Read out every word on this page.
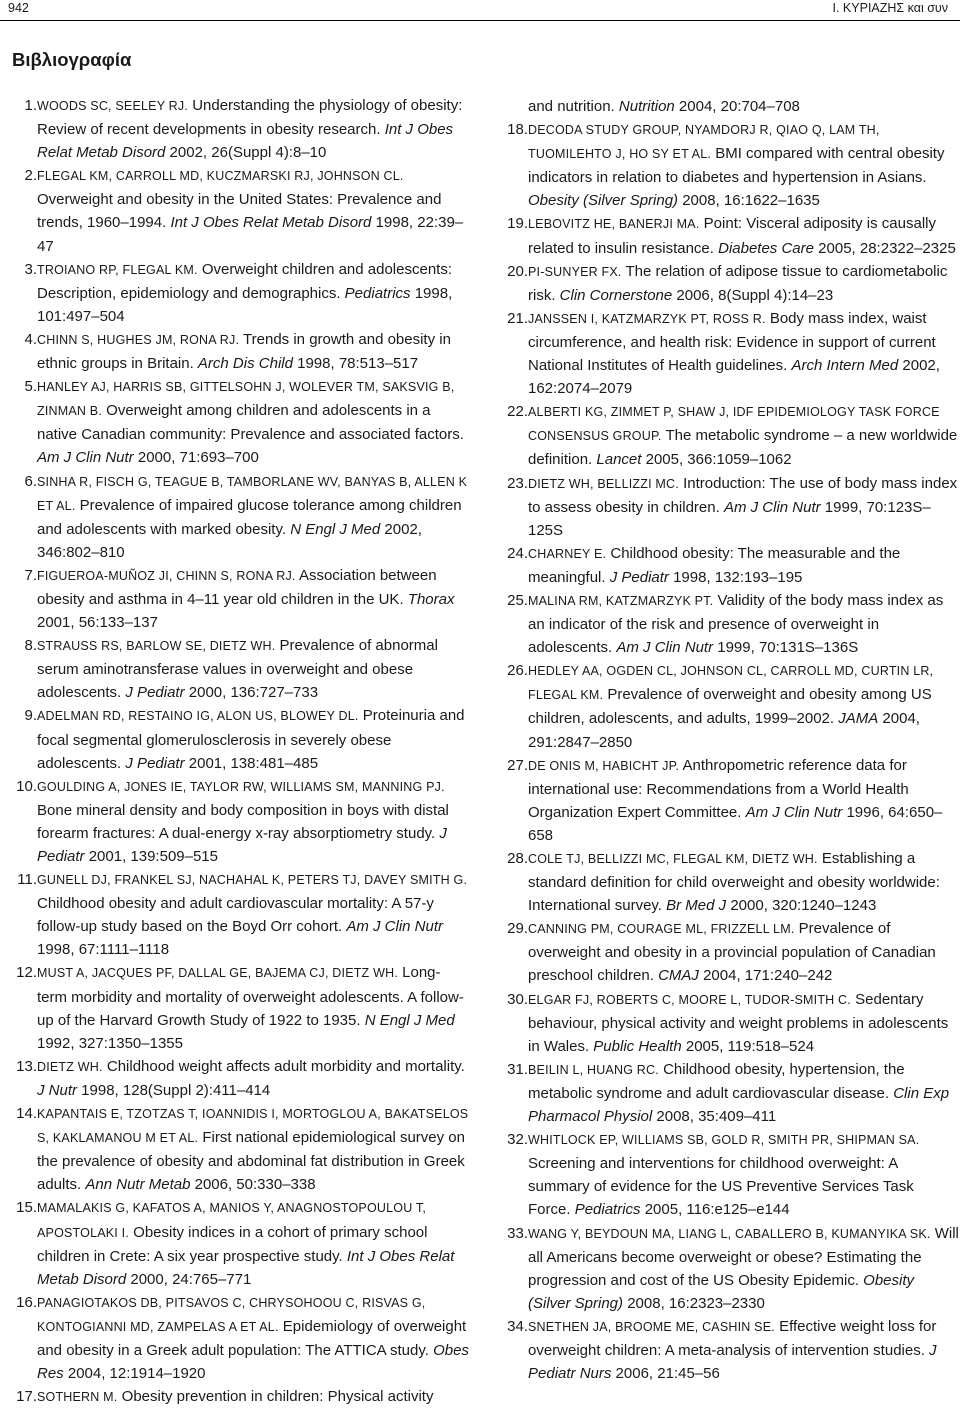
942	Ι. ΚΥΡΙΑΖΗΣ και συν
Βιβλιογραφία
1. WOODS SC, SEELEY RJ. Understanding the physiology of obesity: Review of recent developments in obesity research. Int J Obes Relat Metab Disord 2002, 26(Suppl 4):8–10
2. FLEGAL KM, CARROLL MD, KUCZMARSKI RJ, JOHNSON CL. Overweight and obesity in the United States: Prevalence and trends, 1960–1994. Int J Obes Relat Metab Disord 1998, 22:39–47
3. TROIANO RP, FLEGAL KM. Overweight children and adolescents: Description, epidemiology and demographics. Pediatrics 1998, 101:497–504
4. CHINN S, HUGHES JM, RONA RJ. Trends in growth and obesity in ethnic groups in Britain. Arch Dis Child 1998, 78:513–517
5. HANLEY AJ, HARRIS SB, GITTELSOHN J, WOLEVER TM, SAKSVIG B, ZINMAN B. Overweight among children and adolescents in a native Canadian community: Prevalence and associated factors. Am J Clin Nutr 2000, 71:693–700
6. SINHA R, FISCH G, TEAGUE B, TAMBORLANE WV, BANYAS B, ALLEN K ET AL. Prevalence of impaired glucose tolerance among children and adolescents with marked obesity. N Engl J Med 2002, 346:802–810
7. FIGUEROA-MUÑOZ JI, CHINN S, RONA RJ. Association between obesity and asthma in 4–11 year old children in the UK. Thorax 2001, 56:133–137
8. STRAUSS RS, BARLOW SE, DIETZ WH. Prevalence of abnormal serum aminotransferase values in overweight and obese adolescents. J Pediatr 2000, 136:727–733
9. ADELMAN RD, RESTAINO IG, ALON US, BLOWEY DL. Proteinuria and focal segmental glomerulosclerosis in severely obese adolescents. J Pediatr 2001, 138:481–485
10. GOULDING A, JONES IE, TAYLOR RW, WILLIAMS SM, MANNING PJ. Bone mineral density and body composition in boys with distal forearm fractures: A dual-energy x-ray absorptiometry study. J Pediatr 2001, 139:509–515
11. GUNELL DJ, FRANKEL SJ, NACHAHAL K, PETERS TJ, DAVEY SMITH G. Childhood obesity and adult cardiovascular mortality: A 57-y follow-up study based on the Boyd Orr cohort. Am J Clin Nutr 1998, 67:1111–1118
12. MUST A, JACQUES PF, DALLAL GE, BAJEMA CJ, DIETZ WH. Long-term morbidity and mortality of overweight adolescents. A follow-up of the Harvard Growth Study of 1922 to 1935. N Engl J Med 1992, 327:1350–1355
13. DIETZ WH. Childhood weight affects adult morbidity and mortality. J Nutr 1998, 128(Suppl 2):411–414
14. KAPANTAIS E, TZOTZAS T, IOANNIDIS I, MORTOGLOU A, BAKATSELOS S, KAKLAMANOU M ET AL. First national epidemiological survey on the prevalence of obesity and abdominal fat distribution in Greek adults. Ann Nutr Metab 2006, 50:330–338
15. MAMALAKIS G, KAFATOS A, MANIOS Y, ANAGNOSTOPOULOU T, APOSTOLAKI I. Obesity indices in a cohort of primary school children in Crete: A six year prospective study. Int J Obes Relat Metab Disord 2000, 24:765–771
16. PANAGIOTAKOS DB, PITSAVOS C, CHRYSOHOOU C, RISVAS G, KONTOGIANNI MD, ZAMPELAS A ET AL. Epidemiology of overweight and obesity in a Greek adult population: The ATTICA study. Obes Res 2004, 12:1914–1920
17. SOTHERN M. Obesity prevention in children: Physical activity
and nutrition. Nutrition 2004, 20:704–708
18. DECODA STUDY GROUP, NYAMDORJ R, QIAO Q, LAM TH, TUOMILEHTO J, HO SY ET AL. BMI compared with central obesity indicators in relation to diabetes and hypertension in Asians. Obesity (Silver Spring) 2008, 16:1622–1635
19. LEBOVITZ HE, BANERJI MA. Point: Visceral adiposity is causally related to insulin resistance. Diabetes Care 2005, 28:2322–2325
20. PI-SUNYER FX. The relation of adipose tissue to cardiometabolic risk. Clin Cornerstone 2006, 8(Suppl 4):14–23
21. JANSSEN I, KATZMARZYK PT, ROSS R. Body mass index, waist circumference, and health risk: Evidence in support of current National Institutes of Health guidelines. Arch Intern Med 2002, 162:2074–2079
22. ALBERTI KG, ZIMMET P, SHAW J, IDF EPIDEMIOLOGY TASK FORCE CONSENSUS GROUP. The metabolic syndrome – a new worldwide definition. Lancet 2005, 366:1059–1062
23. DIETZ WH, BELLIZZI MC. Introduction: The use of body mass index to assess obesity in children. Am J Clin Nutr 1999, 70:123S–125S
24. CHARNEY E. Childhood obesity: The measurable and the meaningful. J Pediatr 1998, 132:193–195
25. MALINA RM, KATZMARZYK PT. Validity of the body mass index as an indicator of the risk and presence of overweight in adolescents. Am J Clin Nutr 1999, 70:131S–136S
26. HEDLEY AA, OGDEN CL, JOHNSON CL, CARROLL MD, CURTIN LR, FLEGAL KM. Prevalence of overweight and obesity among US children, adolescents, and adults, 1999–2002. JAMA 2004, 291:2847–2850
27. DE ONIS M, HABICHT JP. Anthropometric reference data for international use: Recommendations from a World Health Organization Expert Committee. Am J Clin Nutr 1996, 64:650–658
28. COLE TJ, BELLIZZI MC, FLEGAL KM, DIETZ WH. Establishing a standard definition for child overweight and obesity worldwide: International survey. Br Med J 2000, 320:1240–1243
29. CANNING PM, COURAGE ML, FRIZZELL LM. Prevalence of overweight and obesity in a provincial population of Canadian preschool children. CMAJ 2004, 171:240–242
30. ELGAR FJ, ROBERTS C, MOORE L, TUDOR-SMITH C. Sedentary behaviour, physical activity and weight problems in adolescents in Wales. Public Health 2005, 119:518–524
31. BEILIN L, HUANG RC. Childhood obesity, hypertension, the metabolic syndrome and adult cardiovascular disease. Clin Exp Pharmacol Physiol 2008, 35:409–411
32. WHITLOCK EP, WILLIAMS SB, GOLD R, SMITH PR, SHIPMAN SA. Screening and interventions for childhood overweight: A summary of evidence for the US Preventive Services Task Force. Pediatrics 2005, 116:e125–e144
33. WANG Y, BEYDOUN MA, LIANG L, CABALLERO B, KUMANYIKA SK. Will all Americans become overweight or obese? Estimating the progression and cost of the US Obesity Epidemic. Obesity (Silver Spring) 2008, 16:2323–2330
34. SNETHEN JA, BROOME ME, CASHIN SE. Effective weight loss for overweight children: A meta-analysis of intervention studies. J Pediatr Nurs 2006, 21:45–56
